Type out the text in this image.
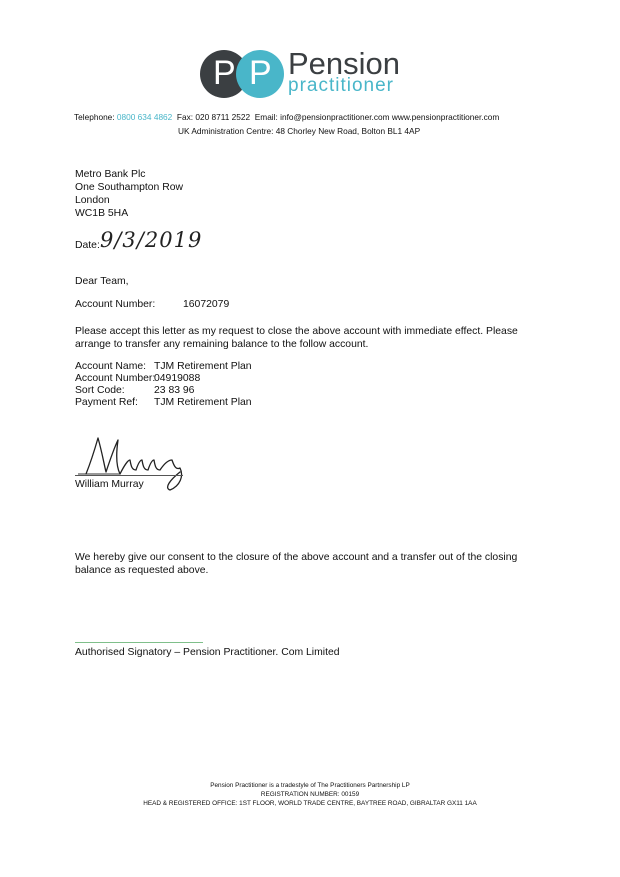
P P Pension
practitioner
Telephone: 0800 634 4862 Fax: 020 8711 2522 Email: info@pensionpractitioner.com www.pensionpractitioner.com
UK Administration Centre: 48 Chorley New Road, Bolton BL1 4AP
Metro Bank Plc
One Southampton Row
London
WC1B 5HA
Date: 9/3/2019
Dear Team,
Account Number:	16072079
Please accept this letter as my request to close the above account with immediate effect. Please arrange to transfer any remaining balance to the follow account.
Account Name: TJM Retirement Plan
Account Number:
04919088
Sort Code:	23 83 96
Payment Ref: TJM Retirement Plan
William Murray
We hereby give our consent to the closure of the above account and a transfer out of the closing balance as requested above.
Authorised Signatory – Pension Practitioner. Com Limited
Pension Practitioner is a tradestyle of The Practitioners Partnership LP
REGISTRATION NUMBER: 00159
HEAD & REGISTERED OFFICE: 1ST FLOOR, WORLD TRADE CENTRE, BAYTREE ROAD, GIBRALTAR GX11 1AA
